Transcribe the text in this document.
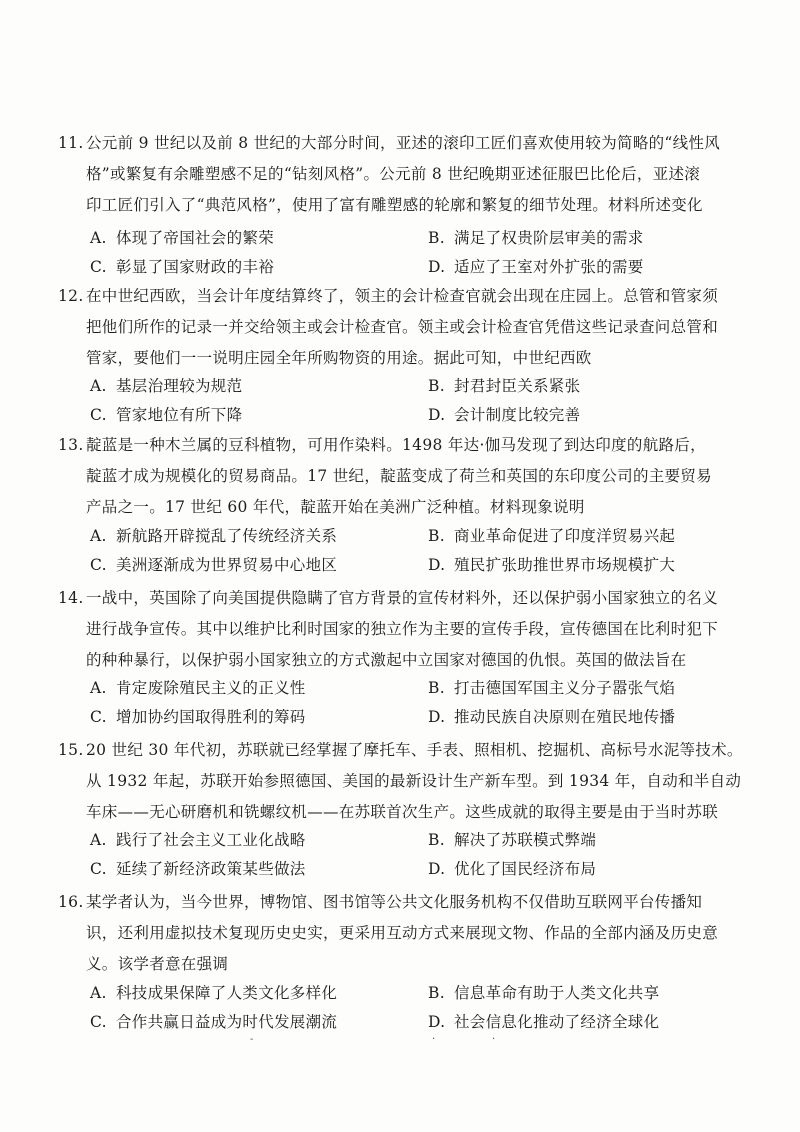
11. 公元前 9 世纪以及前 8 世纪的大部分时间，亚述的滚印工匠们喜欢使用较为简略的“线性风
格”或繁复有余雕塑感不足的“钻刻风格”。公元前 8 世纪晚期亚述征服巴比伦后，亚述滚
印工匠们引入了“典范风格”，使用了富有雕塑感的轮廓和繁复的细节处理。材料所述变化
A. 体现了帝国社会的繁荣	B. 满足了权贵阶层审美的需求
C. 彰显了国家财政的丰裕	D. 适应了王室对外扩张的需要
12. 在中世纪西欧，当会计年度结算终了，领主的会计检查官就会出现在庄园上。总管和管家须
把他们所作的记录一并交给领主或会计检查官。领主或会计检查官凭借这些记录查问总管和
管家，要他们一一说明庄园全年所购物资的用途。据此可知，中世纪西欧
A. 基层治理较为规范	B. 封君封臣关系紧张
C. 管家地位有所下降	D. 会计制度比较完善
13. 靛蓝是一种木兰属的豆科植物，可用作染料。1498 年达·伽马发现了到达印度的航路后，
靛蓝才成为规模化的贸易商品。17 世纪，靛蓝变成了荷兰和英国的东印度公司的主要贸易
产品之一。17 世纪 60 年代，靛蓝开始在美洲广泛种植。材料现象说明
A. 新航路开辟搅乱了传统经济关系	B. 商业革命促进了印度洋贸易兴起
C. 美洲逐渐成为世界贸易中心地区	D. 殖民扩张助推世界市场规模扩大
14. 一战中，英国除了向美国提供隐瞒了官方背景的宣传材料外，还以保护弱小国家独立的名义
进行战争宣传。其中以维护比利时国家的独立作为主要的宣传手段，宣传德国在比利时犯下
的种种暴行，以保护弱小国家独立的方式激起中立国家对德国的仇恨。英国的做法旨在
A. 肯定废除殖民主义的正义性	B. 打击德国军国主义分子嚣张气焰
C. 增加协约国取得胜利的筹码	D. 推动民族自决原则在殖民地传播
15. 20 世纪 30 年代初，苏联就已经掌握了摩托车、手表、照相机、挖掘机、高标号水泥等技术。
从 1932 年起，苏联开始参照德国、美国的最新设计生产新车型。到 1934 年，自动和半自动
车床——无心研磨机和铣螺纹机——在苏联首次生产。这些成就的取得主要是由于当时苏联
A. 践行了社会主义工业化战略	B. 解决了苏联模式弊端
C. 延续了新经济政策某些做法	D. 优化了国民经济布局
16. 某学者认为，当今世界，博物馆、图书馆等公共文化服务机构不仅借助互联网平台传播知
识，还利用虚拟技术复现历史史实，更采用互动方式来展现文物、作品的全部内涵及历史意
义。该学者意在强调
A. 科技成果保障了人类文化多样化	B. 信息革命有助于人类文化共享
C. 合作共赢日益成为时代发展潮流	D. 社会信息化推动了经济全球化
-	·	·
